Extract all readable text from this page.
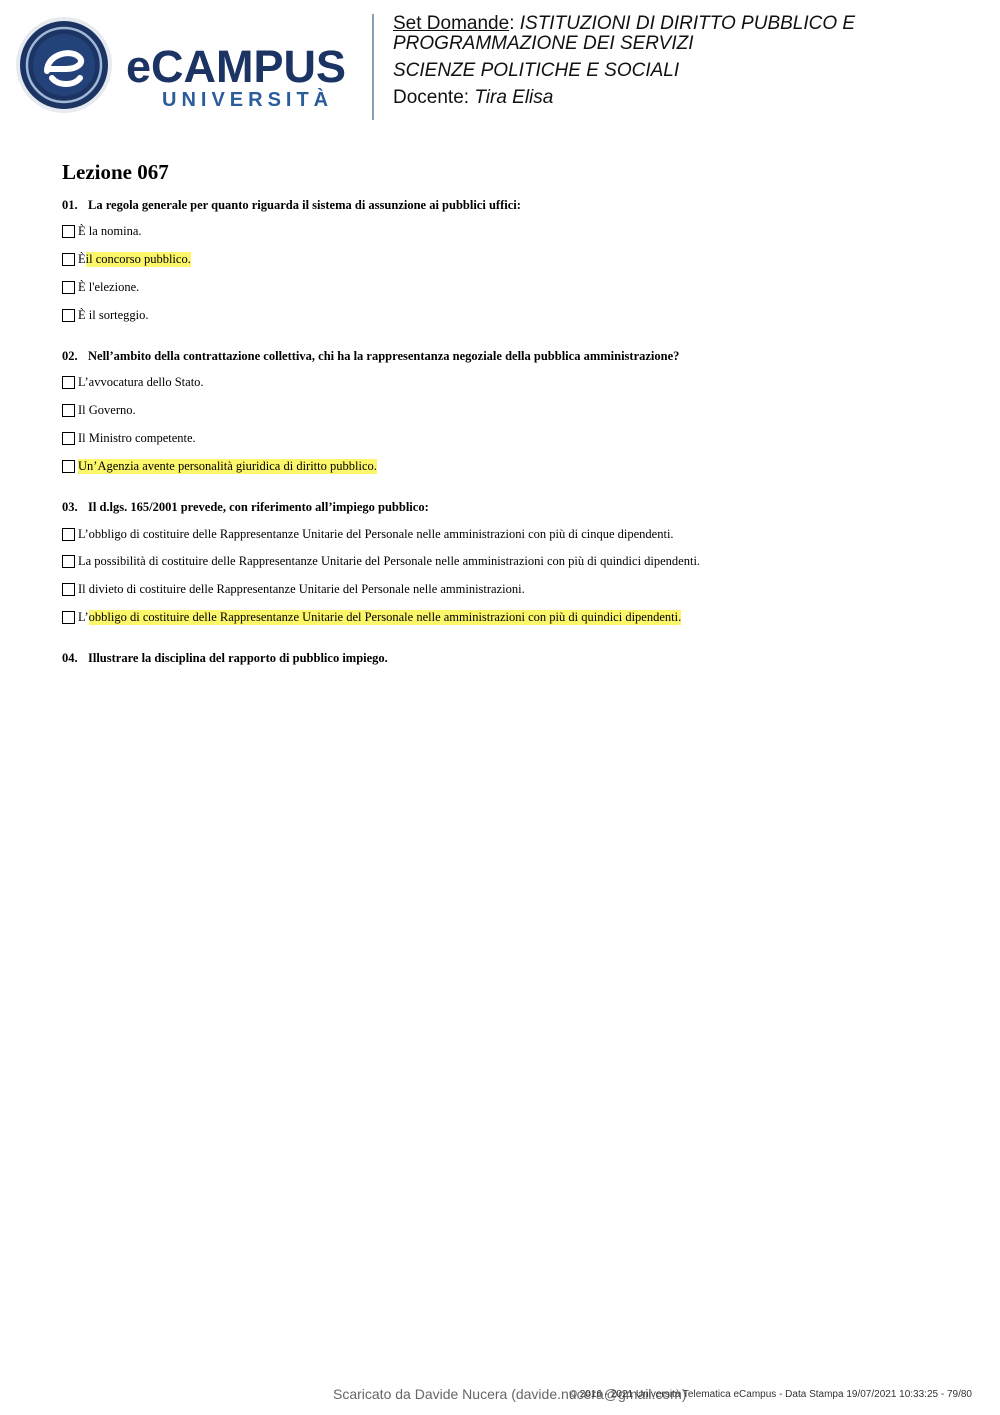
eCAMPUS
UNIVERSITÀ
Set Domande: ISTITUZIONI DI DIRITTO PUBBLICO E
PROGRAMMAZIONE DEI SERVIZI
SCIENZE POLITICHE E SOCIALI
Docente: Tira Elisa
Lezione 067
01. La regola generale per quanto riguarda il sistema di assunzione ai pubblici uffici:
È la nomina.
È il concorso pubblico.
È l'elezione.
È il sorteggio.
02. Nell’ambito della contrattazione collettiva, chi ha la rappresentanza negoziale della pubblica amministrazione?
L’avvocatura dello Stato.
Il Governo.
Il Ministro competente.
Un’Agenzia avente personalità giuridica di diritto pubblico.
03. Il d.lgs. 165/2001 prevede, con riferimento all’impiego pubblico:
L’obbligo di costituire delle Rappresentanze Unitarie del Personale nelle amministrazioni con più di cinque dipendenti.
La possibilità di costituire delle Rappresentanze Unitarie del Personale nelle amministrazioni con più di quindici dipendenti.
Il divieto di costituire delle Rappresentanze Unitarie del Personale nelle amministrazioni.
L’ obbligo di costituire delle Rappresentanze Unitarie del Personale nelle amministrazioni con più di quindici dipendenti.
04. Illustrare la disciplina del rapporto di pubblico impiego.
Scaricato da Davide Nucera (davide.nucera@gmail.com)
© 2016 - 2021 Università Telematica eCampus - Data Stampa 19/07/2021 10:33:25 - 79/80
